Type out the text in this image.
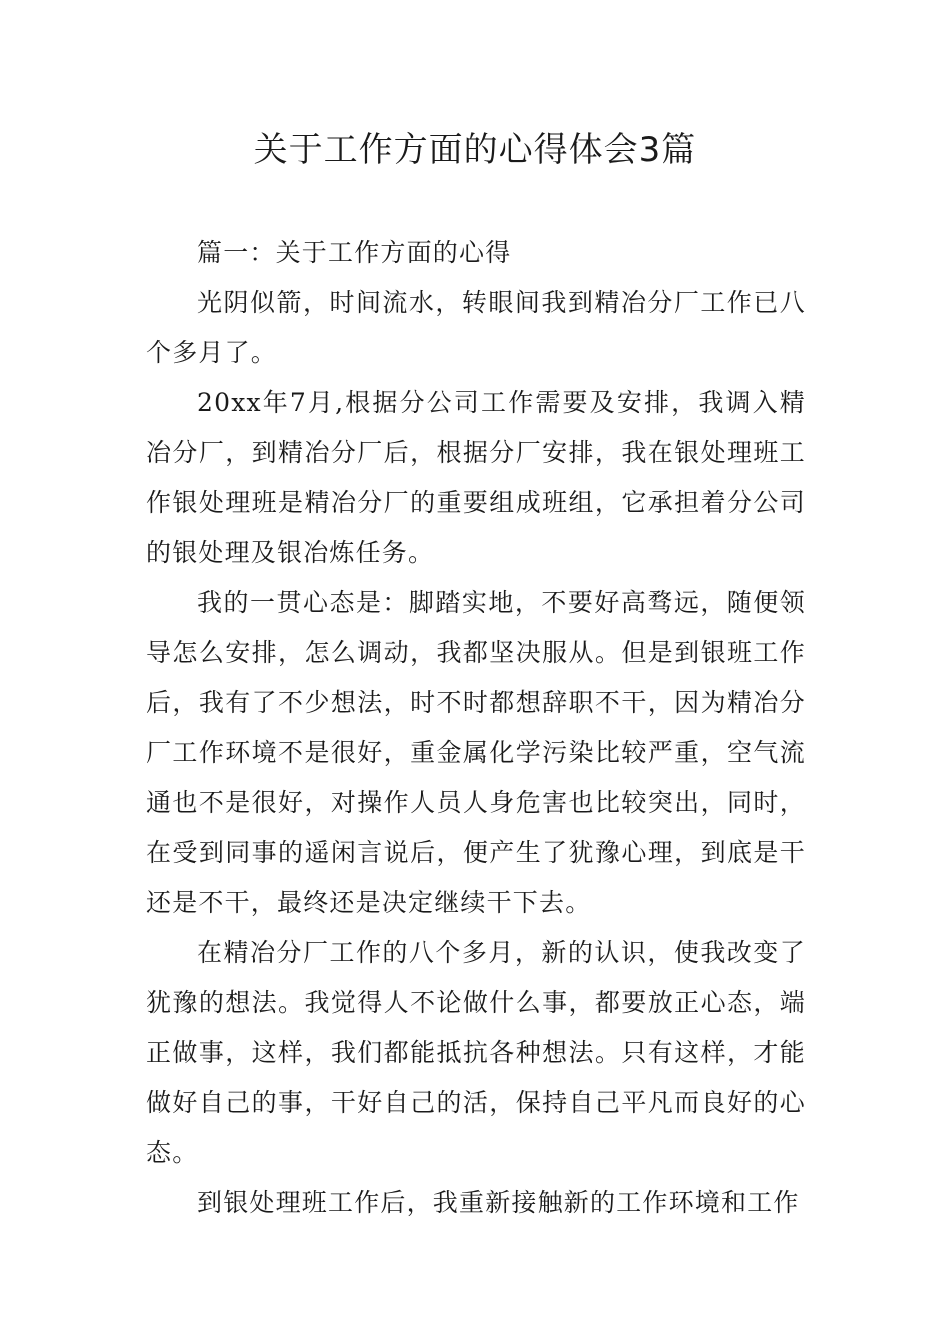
关于工作方面的心得体会3篇

篇一：关于工作方面的心得

光阴似箭，时间流水，转眼间我到精冶分厂工作已八个多月了。

20xx年7月,根据分公司工作需要及安排，我调入精冶分厂，到精冶分厂后，根据分厂安排，我在银处理班工作银处理班是精冶分厂的重要组成班组，它承担着分公司的银处理及银冶炼任务。

我的一贯心态是：脚踏实地，不要好高骛远，随便领导怎么安排，怎么调动，我都坚决服从。但是到银班工作后，我有了不少想法，时不时都想辞职不干，因为精冶分厂工作环境不是很好，重金属化学污染比较严重，空气流通也不是很好，对操作人员人身危害也比较突出，同时，在受到同事的遥闲言说后，便产生了犹豫心理，到底是干还是不干，最终还是决定继续干下去。

在精冶分厂工作的八个多月，新的认识，使我改变了犹豫的想法。我觉得人不论做什么事，都要放正心态，端正做事，这样，我们都能抵抗各种想法。只有这样，才能做好自己的事，干好自己的活，保持自己平凡而良好的心态。

到银处理班工作后，我重新接触新的工作环境和工作
